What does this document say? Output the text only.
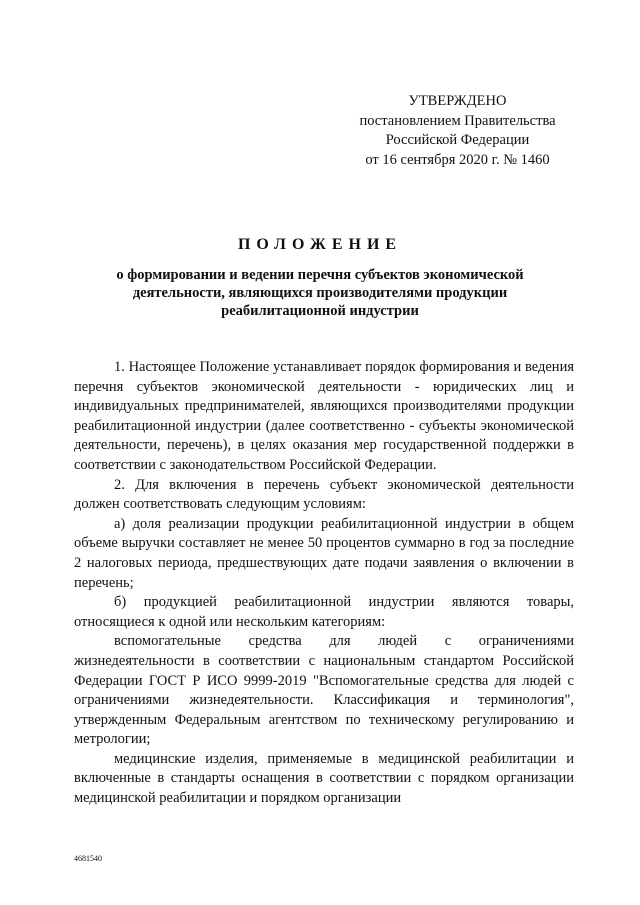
УТВЕРЖДЕНО
постановлением Правительства
Российской Федерации
от 16 сентября 2020 г. № 1460
ПОЛОЖЕНИЕ
о формировании и ведении перечня субъектов экономической
деятельности, являющихся производителями продукции
реабилитационной индустрии

1. Настоящее Положение устанавливает порядок формирования и ведения перечня субъектов экономической деятельности - юридических лиц и индивидуальных предпринимателей, являющихся производителями продукции реабилитационной индустрии (далее соответственно - субъекты экономической деятельности, перечень), в целях оказания мер государственной поддержки в соответствии с законодательством Российской Федерации.

2. Для включения в перечень субъект экономической деятельности должен соответствовать следующим условиям:

а) доля реализации продукции реабилитационной индустрии в общем объеме выручки составляет не менее 50 процентов суммарно в год за последние 2 налоговых периода, предшествующих дате подачи заявления о включении в перечень;

б) продукцией реабилитационной индустрии являются товары, относящиеся к одной или нескольким категориям:

вспомогательные средства для людей с ограничениями жизнедеятельности в соответствии с национальным стандартом Российской Федерации ГОСТ Р ИСО 9999-2019 "Вспомогательные средства для людей с ограничениями жизнедеятельности. Классификация и терминология", утвержденным Федеральным агентством по техническому регулированию и метрологии;

медицинские изделия, применяемые в медицинской реабилитации и включенные в стандарты оснащения в соответствии с порядком организации медицинской реабилитации и порядком организации

4681540
